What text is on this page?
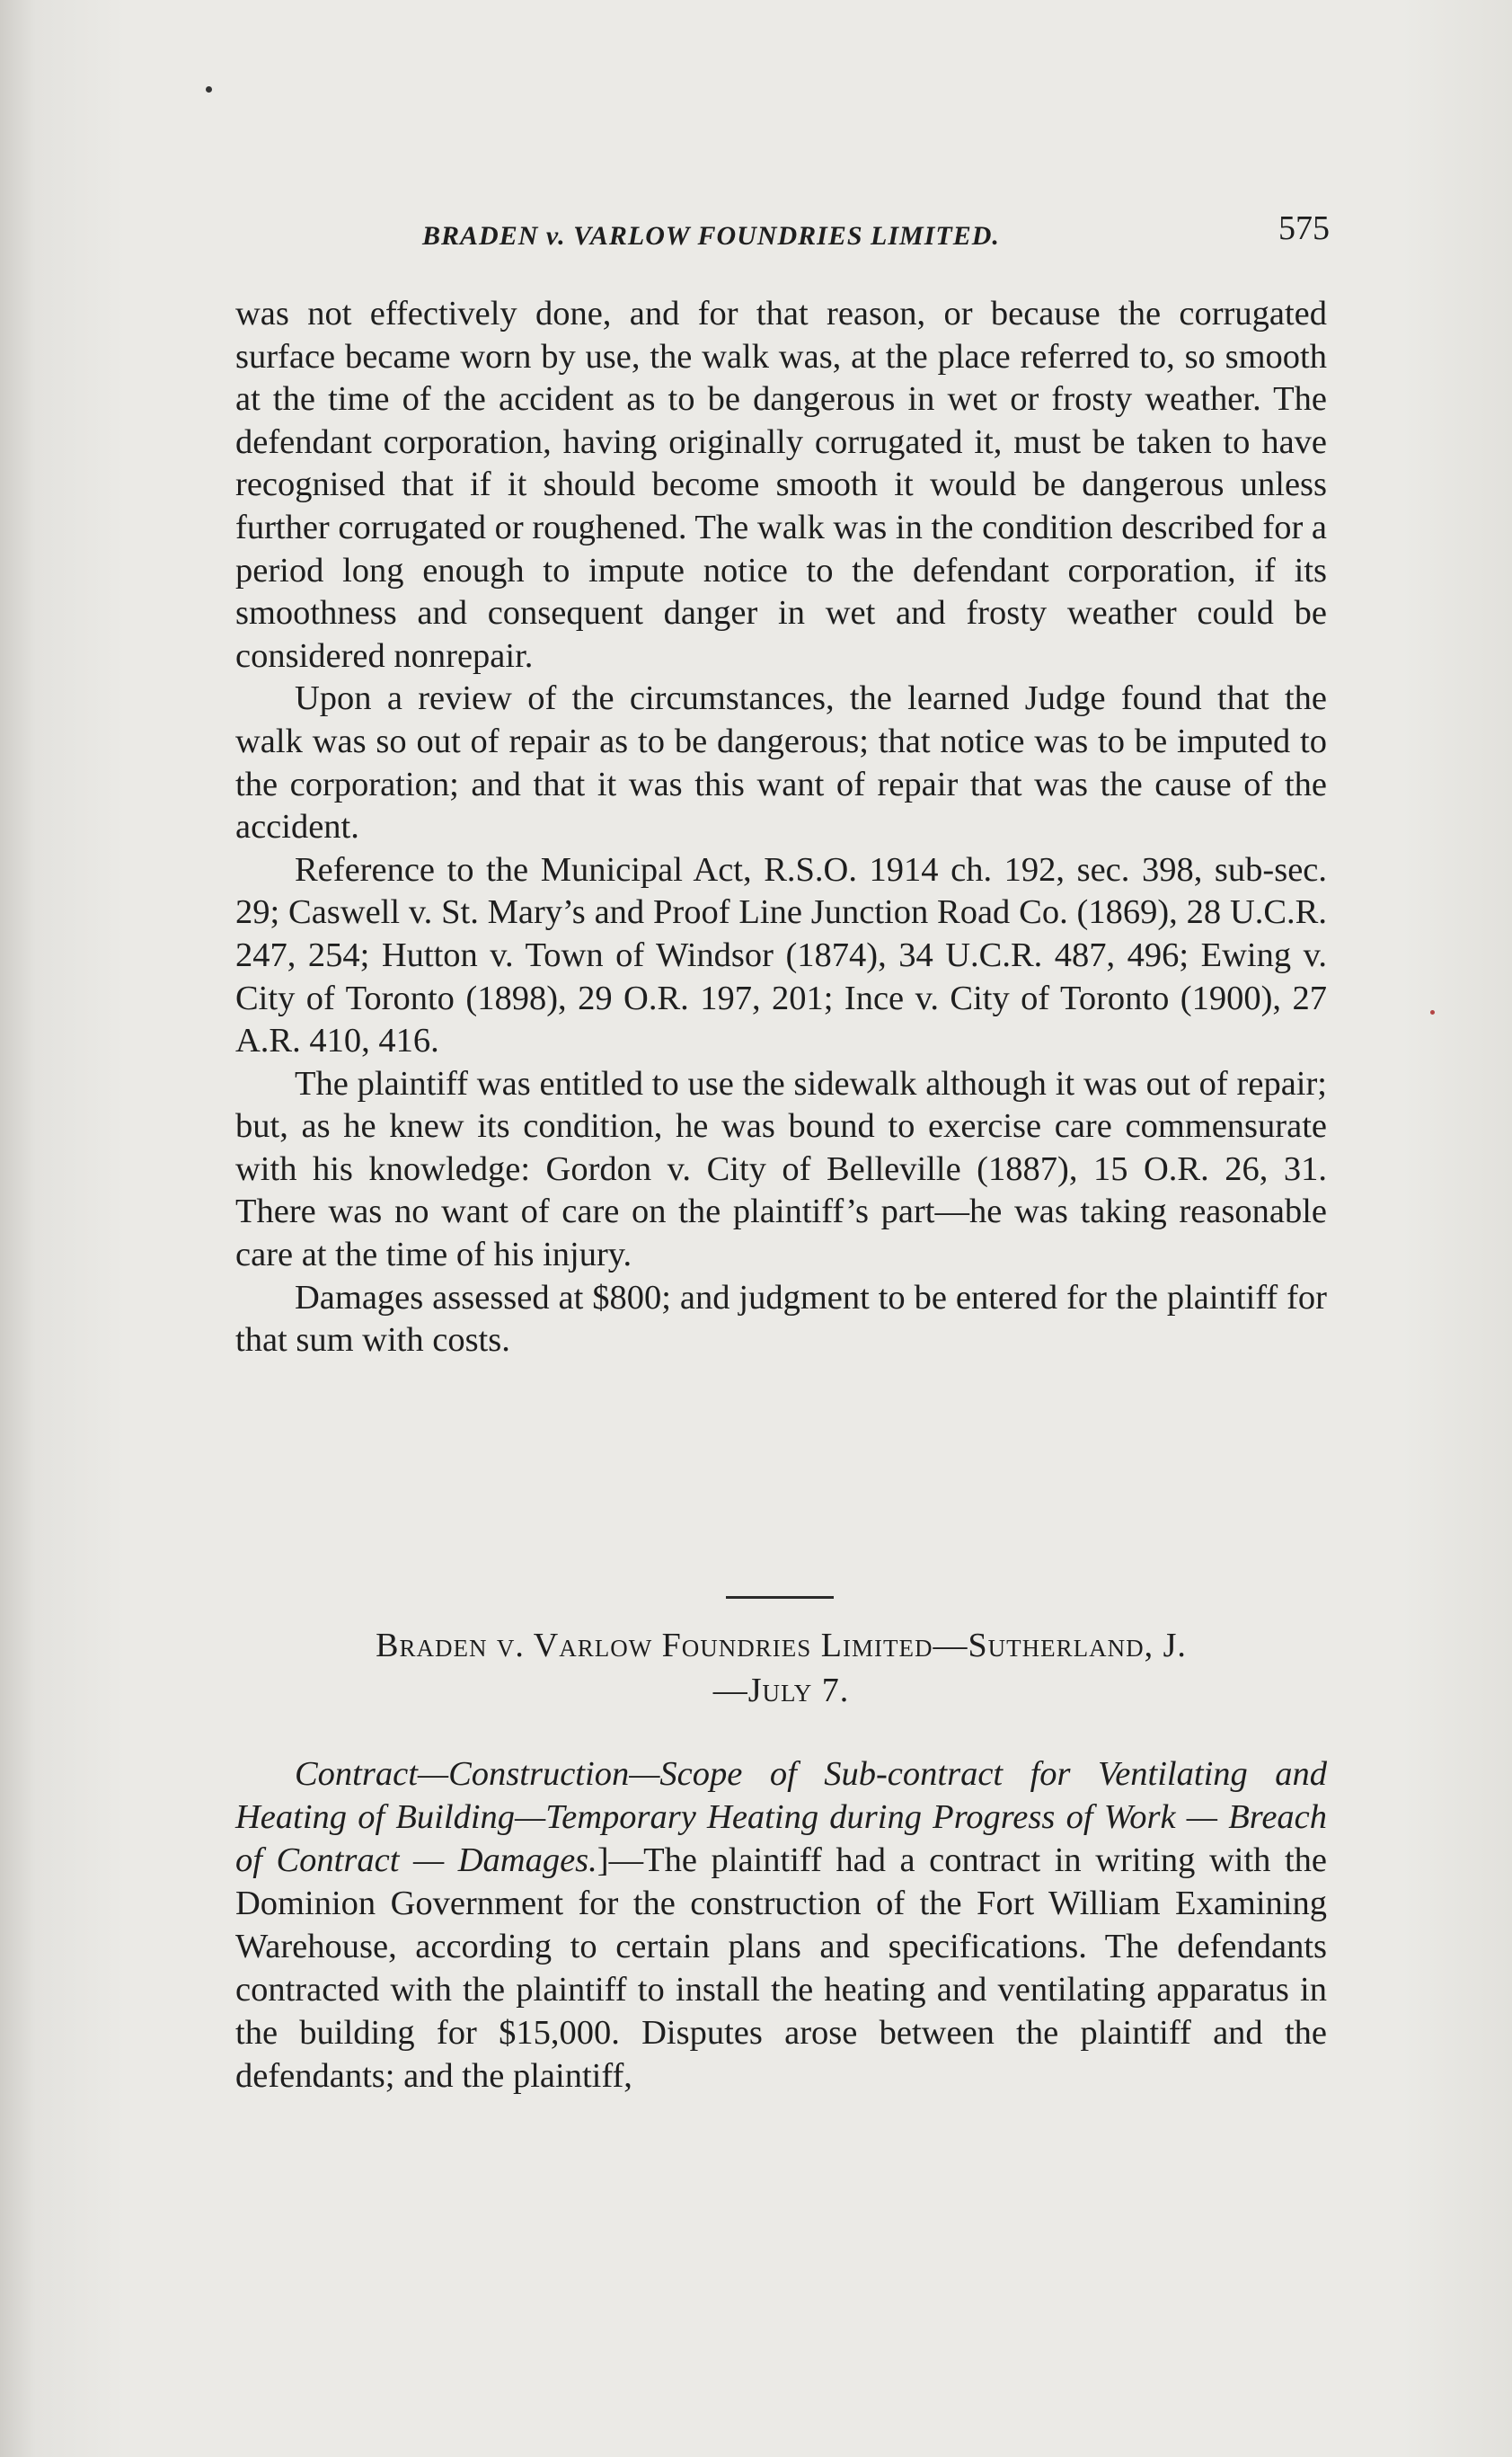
BRADEN v. VARLOW FOUNDRIES LIMITED.	575

was not effectively done, and for that reason, or because the corrugated surface became worn by use, the walk was, at the place referred to, so smooth at the time of the accident as to be dangerous in wet or frosty weather. The defendant corporation, having originally corrugated it, must be taken to have recognised that if it should become smooth it would be dangerous unless further corrugated or roughened. The walk was in the condition described for a period long enough to impute notice to the defendant corporation, if its smoothness and consequent danger in wet and frosty weather could be considered nonrepair.

Upon a review of the circumstances, the learned Judge found that the walk was so out of repair as to be dangerous; that notice was to be imputed to the corporation; and that it was this want of repair that was the cause of the accident.

Reference to the Municipal Act, R.S.O. 1914 ch. 192, sec. 398, sub-sec. 29; Caswell v. St. Mary’s and Proof Line Junction Road Co. (1869), 28 U.C.R. 247, 254; Hutton v. Town of Windsor (1874), 34 U.C.R. 487, 496; Ewing v. City of Toronto (1898), 29 O.R. 197, 201; Ince v. City of Toronto (1900), 27 A.R. 410, 416.

The plaintiff was entitled to use the sidewalk although it was out of repair; but, as he knew its condition, he was bound to exercise care commensurate with his knowledge: Gordon v. City of Belleville (1887), 15 O.R. 26, 31. There was no want of care on the plaintiff’s part—he was taking reasonable care at the time of his injury.

Damages assessed at $800; and judgment to be entered for the plaintiff for that sum with costs.

Braden v. Varlow Foundries Limited—Sutherland, J.
—July 7.

Contract—Construction—Scope of Sub-contract for Ventilating and Heating of Building—Temporary Heating during Progress of Work — Breach of Contract — Damages.]—The plaintiff had a contract in writing with the Dominion Government for the construction of the Fort William Examining Warehouse, according to certain plans and specifications. The defendants contracted with the plaintiff to install the heating and ventilating apparatus in the building for $15,000. Disputes arose between the plaintiff and the defendants; and the plaintiff,
